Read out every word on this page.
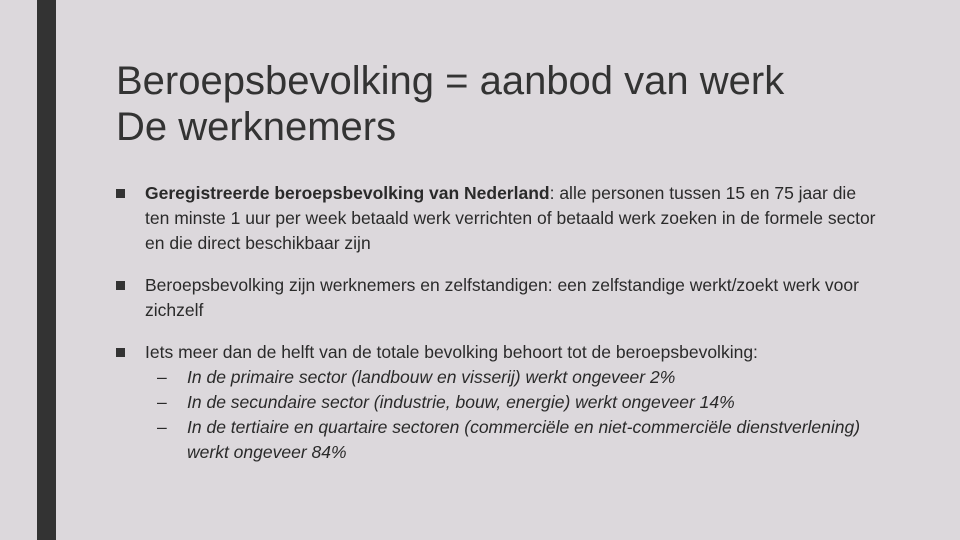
Beroepsbevolking = aanbod van werk
De werknemers
Geregistreerde beroepsbevolking van Nederland: alle personen tussen 15 en 75 jaar die ten minste 1 uur per week betaald werk verrichten of betaald werk zoeken in de formele sector en die direct beschikbaar zijn
Beroepsbevolking zijn werknemers en zelfstandigen: een zelfstandige werkt/zoekt werk voor zichzelf
Iets meer dan de helft van de totale bevolking behoort tot de beroepsbevolking:
– In de primaire sector (landbouw en visserij) werkt ongeveer 2%
– In de secundaire sector (industrie, bouw, energie) werkt ongeveer 14%
– In de tertiaire en quartaire sectoren (commerciële en niet-commerciële dienstverlening) werkt ongeveer 84%
